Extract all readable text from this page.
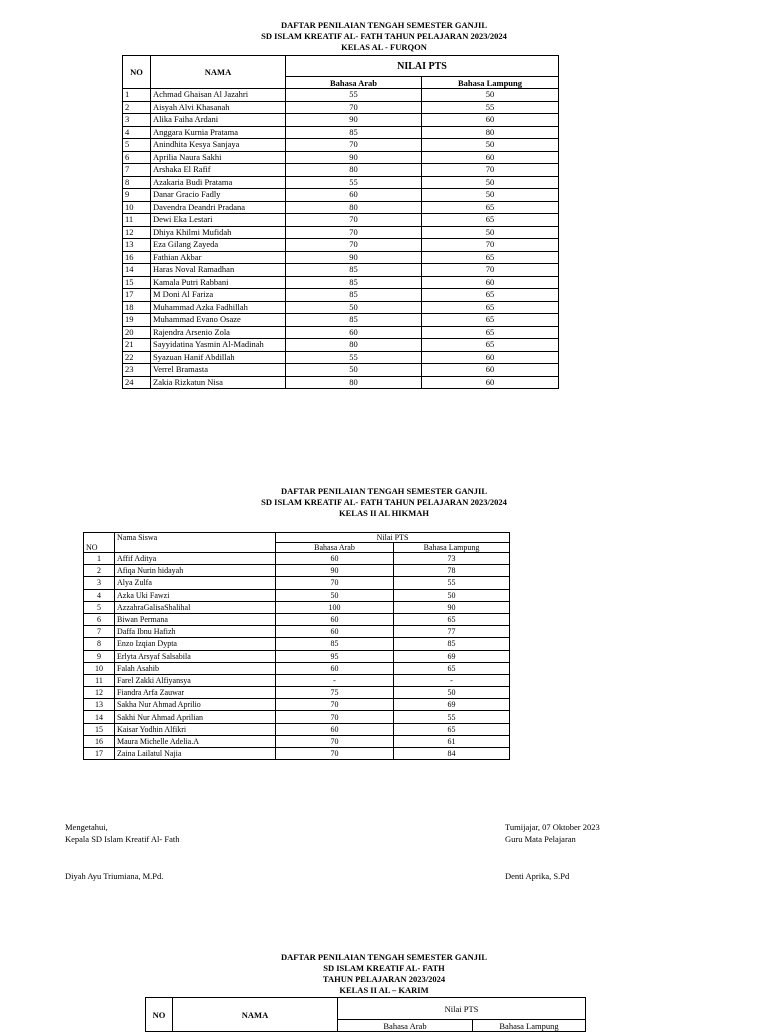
DAFTAR PENILAIAN TENGAH SEMESTER GANJIL
SD ISLAM KREATIF AL- FATH TAHUN PELAJARAN 2023/2024
KELAS AL - FURQON
NO	NAMA	NILAI PTS	
		Bahasa Arab	Bahasa Lampung
1	Achmad Ghaisan Al Jazahri	55	50
2	Aisyah Alvi Khasanah	70	55
3	Alika Faiha Ardani	90	60
4	Anggara Kurnia Pratama	85	80
5	Anindhita Kesya Sanjaya	70	50
6	Aprilia Naura Sakhi	90	60
7	Arshaka El Rafif	80	70
8	Azakaria Budi Pratama	55	50
9	Danar Gracio Fadly	60	50
10	Davendra Deandri Pradana	80	65
11	Dewi Eka Lestari	70	65
12	Dhiya Khilmi Mufidah	70	50
13	Eza Gilang Zayeda	70	70
16	Fathian Akbar	90	65
14	Haras Noval Ramadhan	85	70
15	Kamala Putri Rabbani	85	60
17	M Doni Al Fariza	85	65
18	Muhammad Azka Fadhillah	50	65
19	Muhammad Evano Osaze	85	65
20	Rajendra Arsenio Zola	60	65
21	Sayyidatina Yasmin Al-Madinah	80	65
22	Syazuan Hanif Abdillah	55	60
23	Verrel Bramasta	50	60
24	Zakia Rizkatun Nisa	80	60
DAFTAR PENILAIAN TENGAH SEMESTER GANJIL
SD ISLAM KREATIF AL- FATH TAHUN PELAJARAN 2023/2024
KELAS II AL HIKMAH
NO	Nama Siswa	Nilai PTS	
		Bahasa Arab	Bahasa Lampung
1	Affif Aditya	60	73
2	Afiqa Nurin hidayah	90	78
3	Alya Zulfa	70	55
4	Azka Uki Fawzi	50	50
5	AzzahraGalisaShalihal	100	90
6	Biwan Permana	60	65
7	Daffa Ibnu Hafizh	60	77
8	Enzo Izqian Dypta	85	85
9	Erlyta Arsyaf Salsabila	95	69
10	Falah Asahib	60	65
11	Farel Zakki Alfiyansya	-	-
12	Fiandra Arfa Zauwar	75	50
13	Sakha Nur Ahmad Aprilio	70	69
14	Sakhi Nur Ahmad Aprilian	70	55
15	Kaisar Yodhin Alfikri	60	65
16	Maura Michelle Adelia.A	70	61
17	Zaina Lailatul Najia	70	84
Mengetahui,
Kepala SD Islam Kreatif Al- Fath
Diyah Ayu Triumiana, M.Pd.
Tumijajar, 07 Oktober 2023
Guru Mata Pelajaran
Denti Aprika, S.Pd
DAFTAR PENILAIAN TENGAH SEMESTER GANJIL
SD ISLAM KREATIF AL- FATH
TAHUN PELAJARAN 2023/2024
KELAS II AL – KARIM
NO	NAMA	Nilai PTS	
		Bahasa Arab	Bahasa Lampung
